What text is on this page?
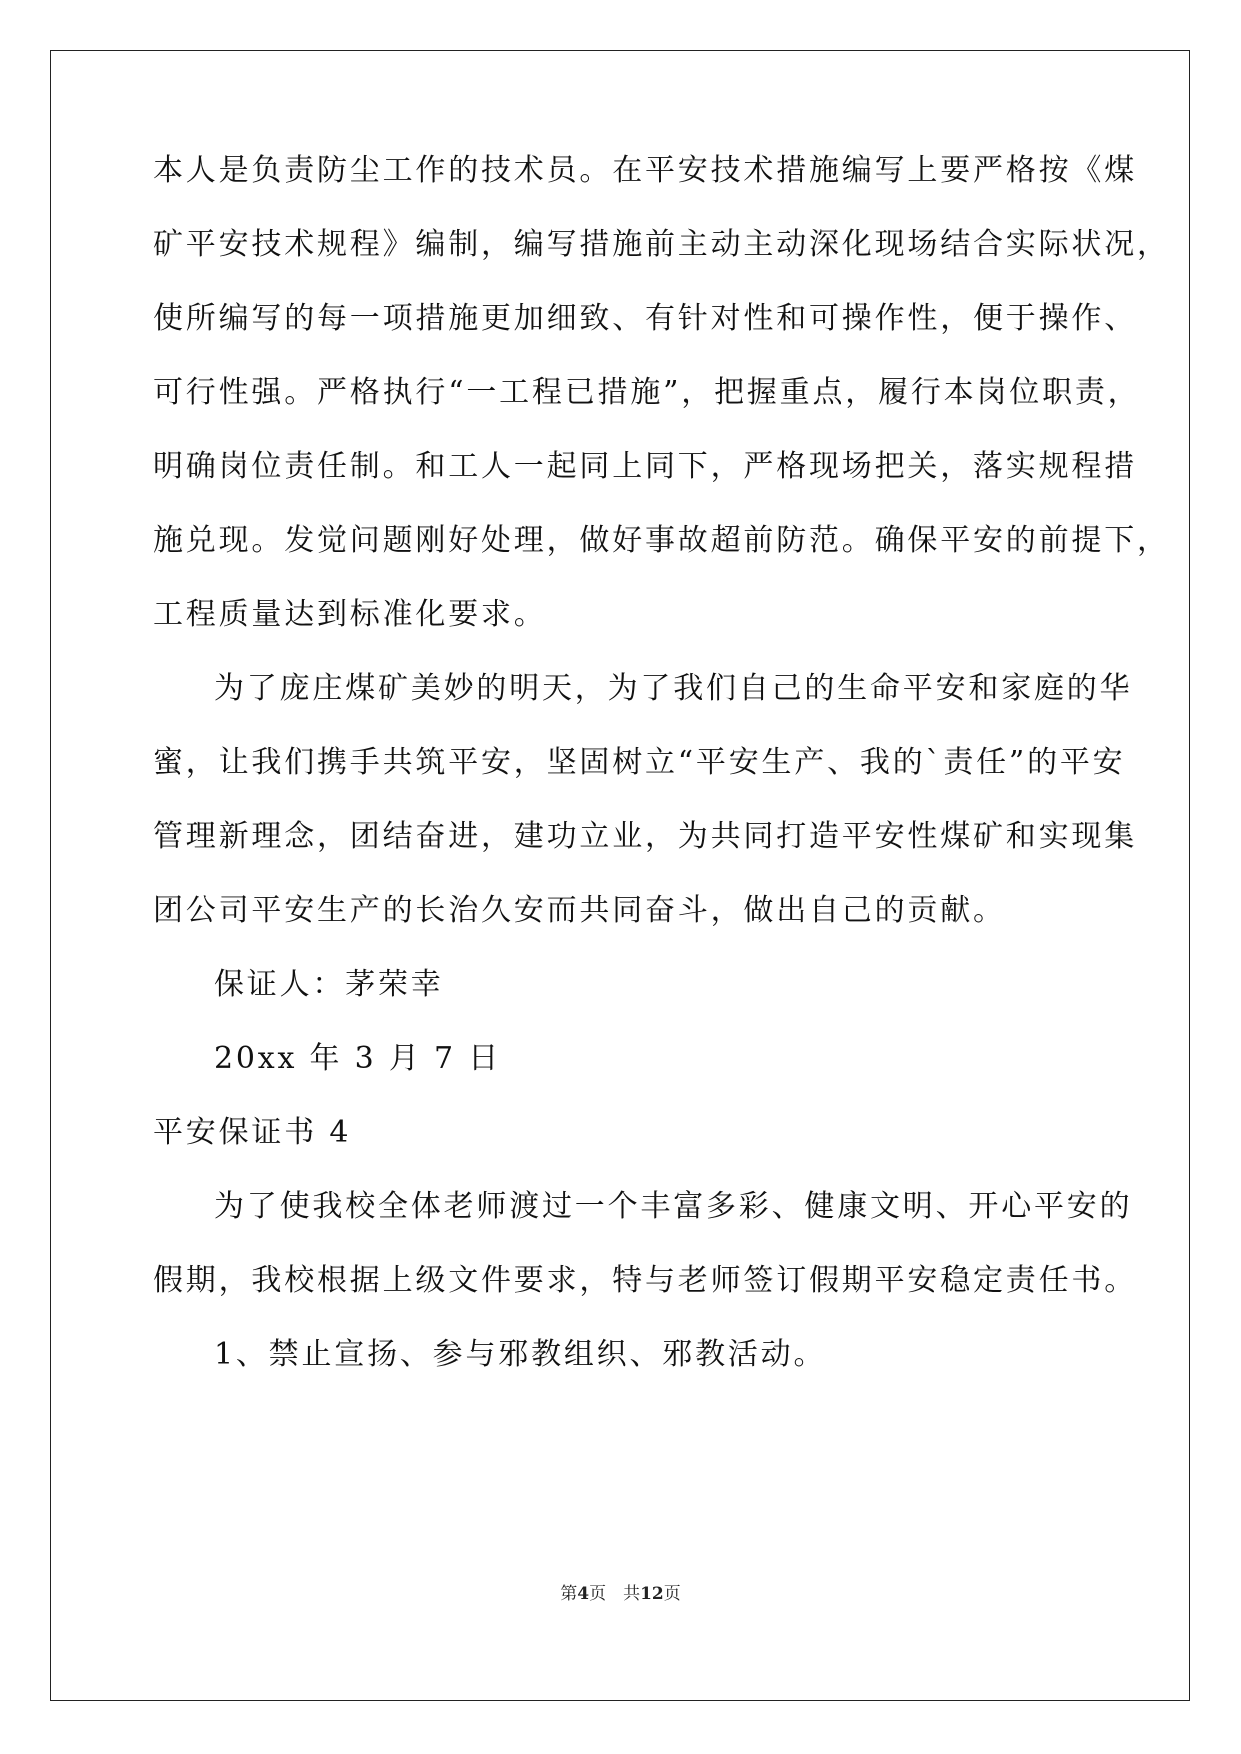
本人是负责防尘工作的技术员。在平安技术措施编写上要严格按《煤
矿平安技术规程》编制，编写措施前主动主动深化现场结合实际状况，
使所编写的每一项措施更加细致、有针对性和可操作性，便于操作、
可行性强。严格执行“一工程已措施”，把握重点，履行本岗位职责，
明确岗位责任制。和工人一起同上同下，严格现场把关，落实规程措
施兑现。发觉问题刚好处理，做好事故超前防范。确保平安的前提下，
工程质量达到标准化要求。
为了庞庄煤矿美妙的明天，为了我们自己的生命平安和家庭的华
蜜，让我们携手共筑平安，坚固树立“平安生产、我的`责任”的平安
管理新理念，团结奋进，建功立业，为共同打造平安性煤矿和实现集
团公司平安生产的长治久安而共同奋斗，做出自己的贡献。
保证人：茅荣幸
20xx 年 3 月 7 日
平安保证书 4
为了使我校全体老师渡过一个丰富多彩、健康文明、开心平安的
假期，我校根据上级文件要求，特与老师签订假期平安稳定责任书。
1、禁止宣扬、参与邪教组织、邪教活动。
第4页　共12页
